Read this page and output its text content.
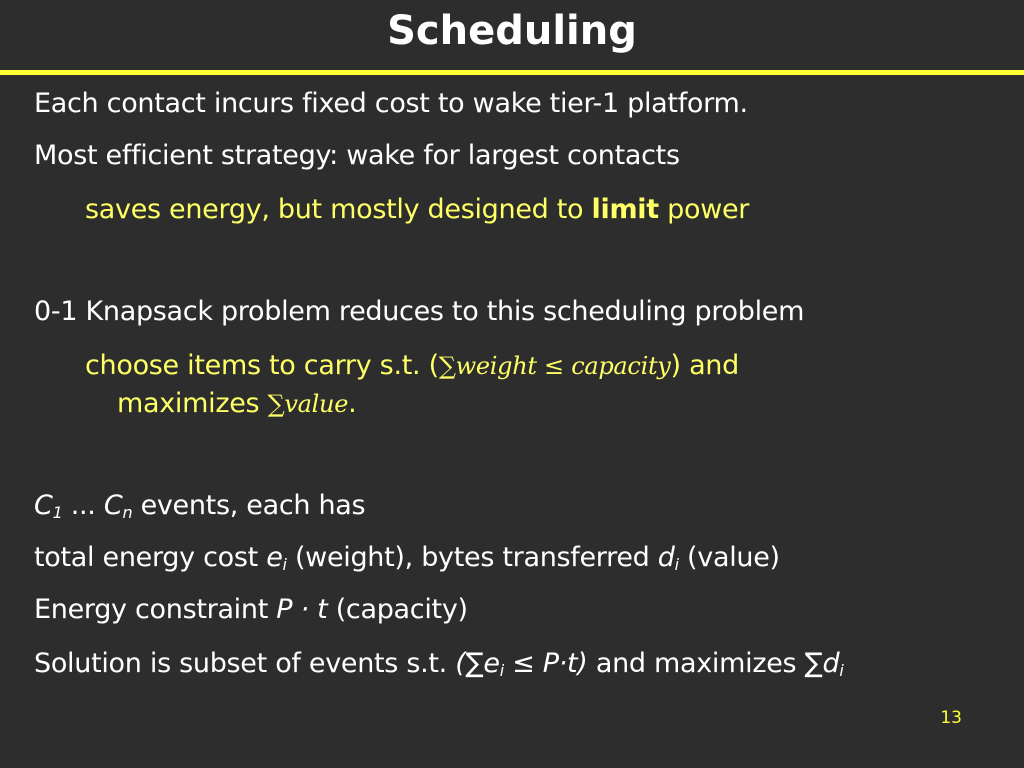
Scheduling
Each contact incurs fixed cost to wake tier-1 platform.
Most efficient strategy: wake for largest contacts
saves energy, but mostly designed to limit power
0-1 Knapsack problem reduces to this scheduling problem
choose items to carry s.t. (∑weight ≤ capacity) and
maximizes ∑value.
$C_1$ ... $C_n$ events, each has
total energy cost $e_i$ (weight), bytes transferred $d_i$ (value)
Energy constraint P · t (capacity)
Solution is subset of events s.t. $(\sum e_i \le P\cdot t)$ and maximizes $\sum d_i$
13
